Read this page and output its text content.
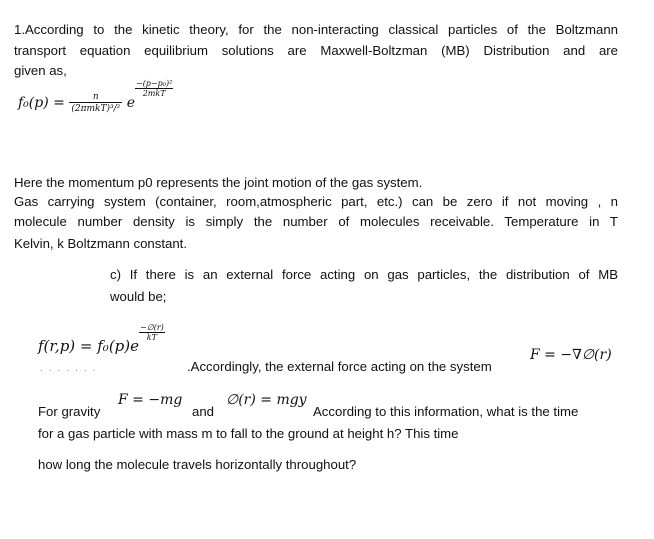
1.According to the kinetic theory, for the non-interacting classical particles of the Boltzmann
transport equation equilibrium solutions are Maxwell-Boltzman (MB) Distribution and are
given as,
$f_0(p) = \frac{n}{\text{(2πmkT)³/²}}$ e
−(p−p₀)²
2mkT
Here the momentum p0 represents the joint motion of the gas system.
Gas carrying system (container, room,atmospheric part, etc.) can be zero if not moving , n
molecule number density is simply the number of molecules receivable. Temperature in T
Kelvin, k Boltzmann constant.
c) If there is an external force acting on gas particles, the distribution of MB
would be;
f(r,p) = f₀(p)e
$\frac{-\emptyset(r)}{kT}$
.......	.Accordingly, the external force acting on the system
F = −∇∅(r)
For gravity
F = −mg
and
∅(r) = mgy
According to this information, what is the time
for a gas particle with mass m to fall to the ground at height h? This time
how long the molecule travels horizontally throughout?
